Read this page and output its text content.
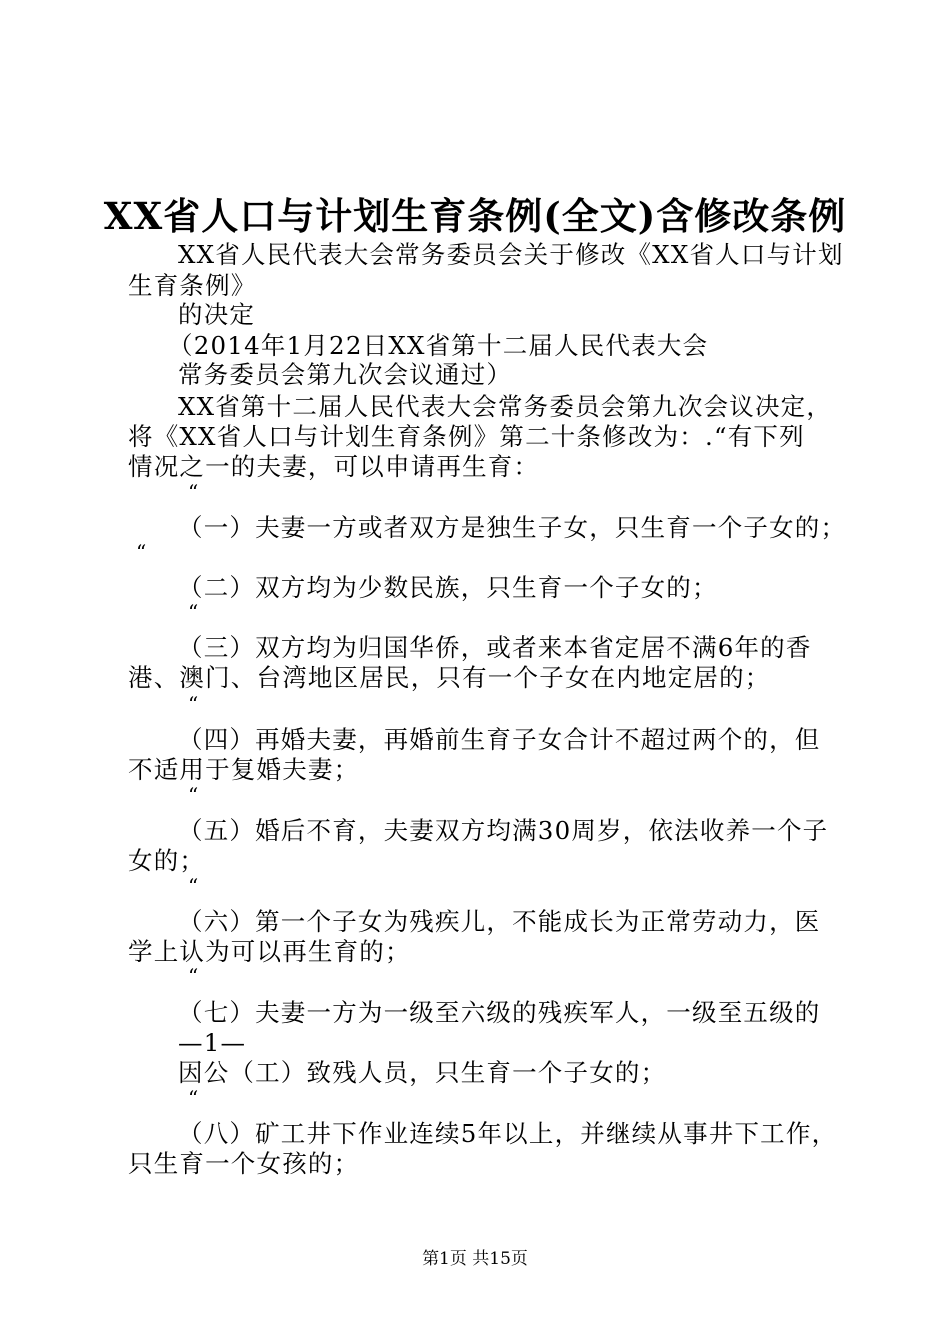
XX省人口与计划生育条例(全文)含修改条例
XX省人民代表大会常务委员会关于修改《XX省人口与计划
生育条例》
的决定
（2014年1月22日XX省第十二届人民代表大会
常务委员会第九次会议通过）
XX省第十二届人民代表大会常务委员会第九次会议决定，
将《XX省人口与计划生育条例》第二十条修改为：.“有下列
情况之一的夫妻，可以申请再生育：
“
（一）夫妻一方或者双方是独生子女，只生育一个子女的；
“
（二）双方均为少数民族，只生育一个子女的；
“
（三）双方均为归国华侨，或者来本省定居不满6年的香
港、澳门、台湾地区居民，只有一个子女在内地定居的；
“
（四）再婚夫妻，再婚前生育子女合计不超过两个的，但
不适用于复婚夫妻；
“
（五）婚后不育，夫妻双方均满30周岁，依法收养一个子
女的；
“
（六）第一个子女为残疾儿，不能成长为正常劳动力，医
学上认为可以再生育的；
“
（七）夫妻一方为一级至六级的残疾军人，一级至五级的
—1—
因公（工）致残人员，只生育一个子女的；
“
（八）矿工井下作业连续5年以上，并继续从事井下工作，
只生育一个女孩的；
第1页 共15页
